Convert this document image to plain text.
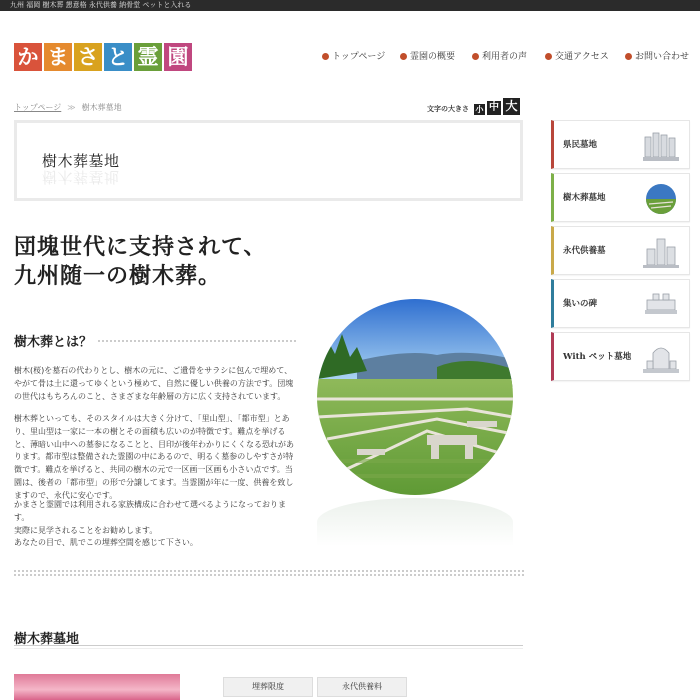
九州 福岡 樹木葬 懇意格 永代供養 納骨堂 ペットと入れる
か ま さ と 霊 園	トップページ	霊園の概要	利用者の声	交通アクセス	お問い合わせ
トップページ ≫ 樹木葬墓地	文字の大きさ 小 中 大
樹木葬墓地
樹木葬墓地
団塊世代に支持されて、
九州随一の樹木葬。
樹木葬とは？

樹木(桜)を墓石の代わりとし、樹木の元に、ご遺骨をサラシに包んで埋めて、やがて骨は土に還ってゆくという極めて、自然に優しい供養の方法です。団塊の世代はもちろんのこと、さまざまな年齢層の方に広く支持されています。

樹木葬といっても、そのスタイルは大きく分けて、「里山型」、「都市型」とあり、里山型は一家に一本の樹とその面積も広いのが特徴です。難点を挙げると、薄暗い山中への墓参になることと、目印が後年わかりにくくなる恐れがあります。都市型は整備された霊園の中にあるので、明るく墓参のしやすさが特徴です。難点を挙げると、共同の樹木の元で一区画一区画も小さい点です。当園は、後者の「都市型」の形で分譲してます。当霊園が年に一度、供養を致しますので、永代に安心です。

かまさと霊園では利用される家族構成に合わせて選べるようになっております。
実際に見学されることをお勧めします。
あなたの目で、肌でこの埋葬空間を感じて下さい。

樹木葬墓地
埋葬限度	永代供養料
県民墓地
樹木葬墓地
永代供養墓
集いの碑
With ペット墓地
